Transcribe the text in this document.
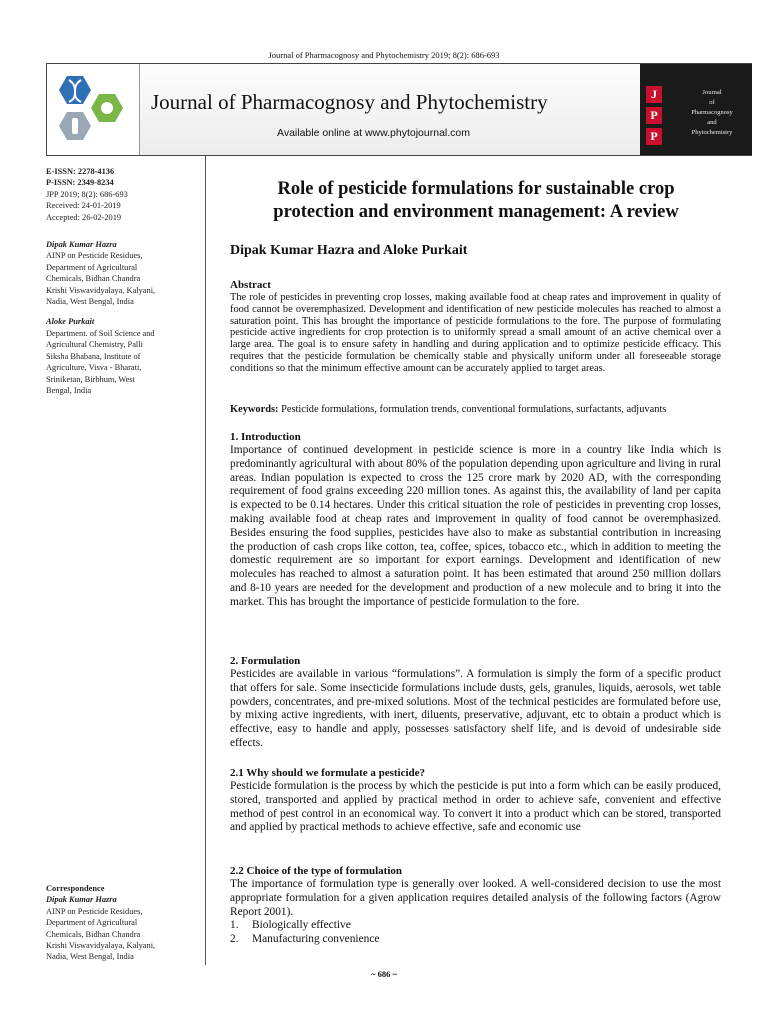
Journal of Pharmacognosy and Phytochemistry 2019; 8(2): 686-693
Journal of Pharmacognosy and Phytochemistry
Available online at www.phytojournal.com
J
P
P
Journal
of
Pharmacognosy
and
Phytochemistry
E-ISSN: 2278-4136
P-ISSN: 2349-8234
JPP 2019; 8(2): 686-693
Received: 24-01-2019
Accepted: 26-02-2019
Dipak Kumar Hazra
AINP on Pesticide Residues,
Department of Agricultural
Chemicals, Bidhan Chandra
Krishi Viswavidyalaya, Kalyani,
Nadia, West Bengal, India
Aloke Purkait
Department. of Soil Science and
Agricultural Chemistry, Palli
Siksha Bhabana, Institute of
Agriculture, Visva - Bharati,
Sriniketan, Birbhum, West
Bengal, India
Correspondence
Dipak Kumar Hazra
AINP on Pesticide Residues,
Department of Agricultural
Chemicals, Bidhan Chandra
Krishi Viswavidyalaya, Kalyani,
Nadia, West Bengal, India
Role of pesticide formulations for sustainable crop
protection and environment management: A review
Dipak Kumar Hazra and Aloke Purkait

Abstract

The role of pesticides in preventing crop losses, making available food at cheap rates and improvement in quality of food cannot be overemphasized. Development and identification of new pesticide molecules has reached to almost a saturation point. This has brought the importance of pesticide formulations to the fore. The purpose of formulating pesticide active ingredients for crop protection is to uniformly spread a small amount of an active chemical over a large area. The goal is to ensure safety in handling and during application and to optimize pesticide efficacy. This requires that the pesticide formulation be chemically stable and physically uniform under all foreseeable storage conditions so that the minimum effective amount can be accurately applied to target areas.

Keywords: Pesticide formulations, formulation trends, conventional formulations, surfactants, adjuvants

1. Introduction

Importance of continued development in pesticide science is more in a country like India which is predominantly agricultural with about 80% of the population depending upon agriculture and living in rural areas. Indian population is expected to cross the 125 crore mark by 2020 AD, with the corresponding requirement of food grains exceeding 220 million tones. As against this, the availability of land per capita is expected to be 0.14 hectares. Under this critical situation the role of pesticides in preventing crop losses, making available food at cheap rates and improvement in quality of food cannot be overemphasized. Besides ensuring the food supplies, pesticides have also to make as substantial contribution in increasing the production of cash crops like cotton, tea, coffee, spices, tobacco etc., which in addition to meeting the domestic requirement are so important for export earnings. Development and identification of new molecules has reached to almost a saturation point. It has been estimated that around 250 million dollars and 8-10 years are needed for the development and production of a new molecule and to bring it into the market. This has brought the importance of pesticide formulation to the fore.

2. Formulation

Pesticides are available in various “formulations”. A formulation is simply the form of a specific product that offers for sale. Some insecticide formulations include dusts, gels, granules, liquids, aerosols, wet table powders, concentrates, and pre-mixed solutions. Most of the technical pesticides are formulated before use, by mixing active ingredients, with inert, diluents, preservative, adjuvant, etc to obtain a product which is effective, easy to handle and apply, possesses satisfactory shelf life, and is devoid of undesirable side effects.

2.1 Why should we formulate a pesticide?

Pesticide formulation is the process by which the pesticide is put into a form which can be easily produced, stored, transported and applied by practical method in order to achieve safe, convenient and effective method of pest control in an economical way. To convert it into a product which can be stored, transported and applied by practical methods to achieve effective, safe and economic use

2.2 Choice of the type of formulation

The importance of formulation type is generally over looked. A well-considered decision to use the most appropriate formulation for a given application requires detailed analysis of the following factors (Agrow Report 2001).

1. Biologically effective
2. Manufacturing convenience
~ 686 ~
